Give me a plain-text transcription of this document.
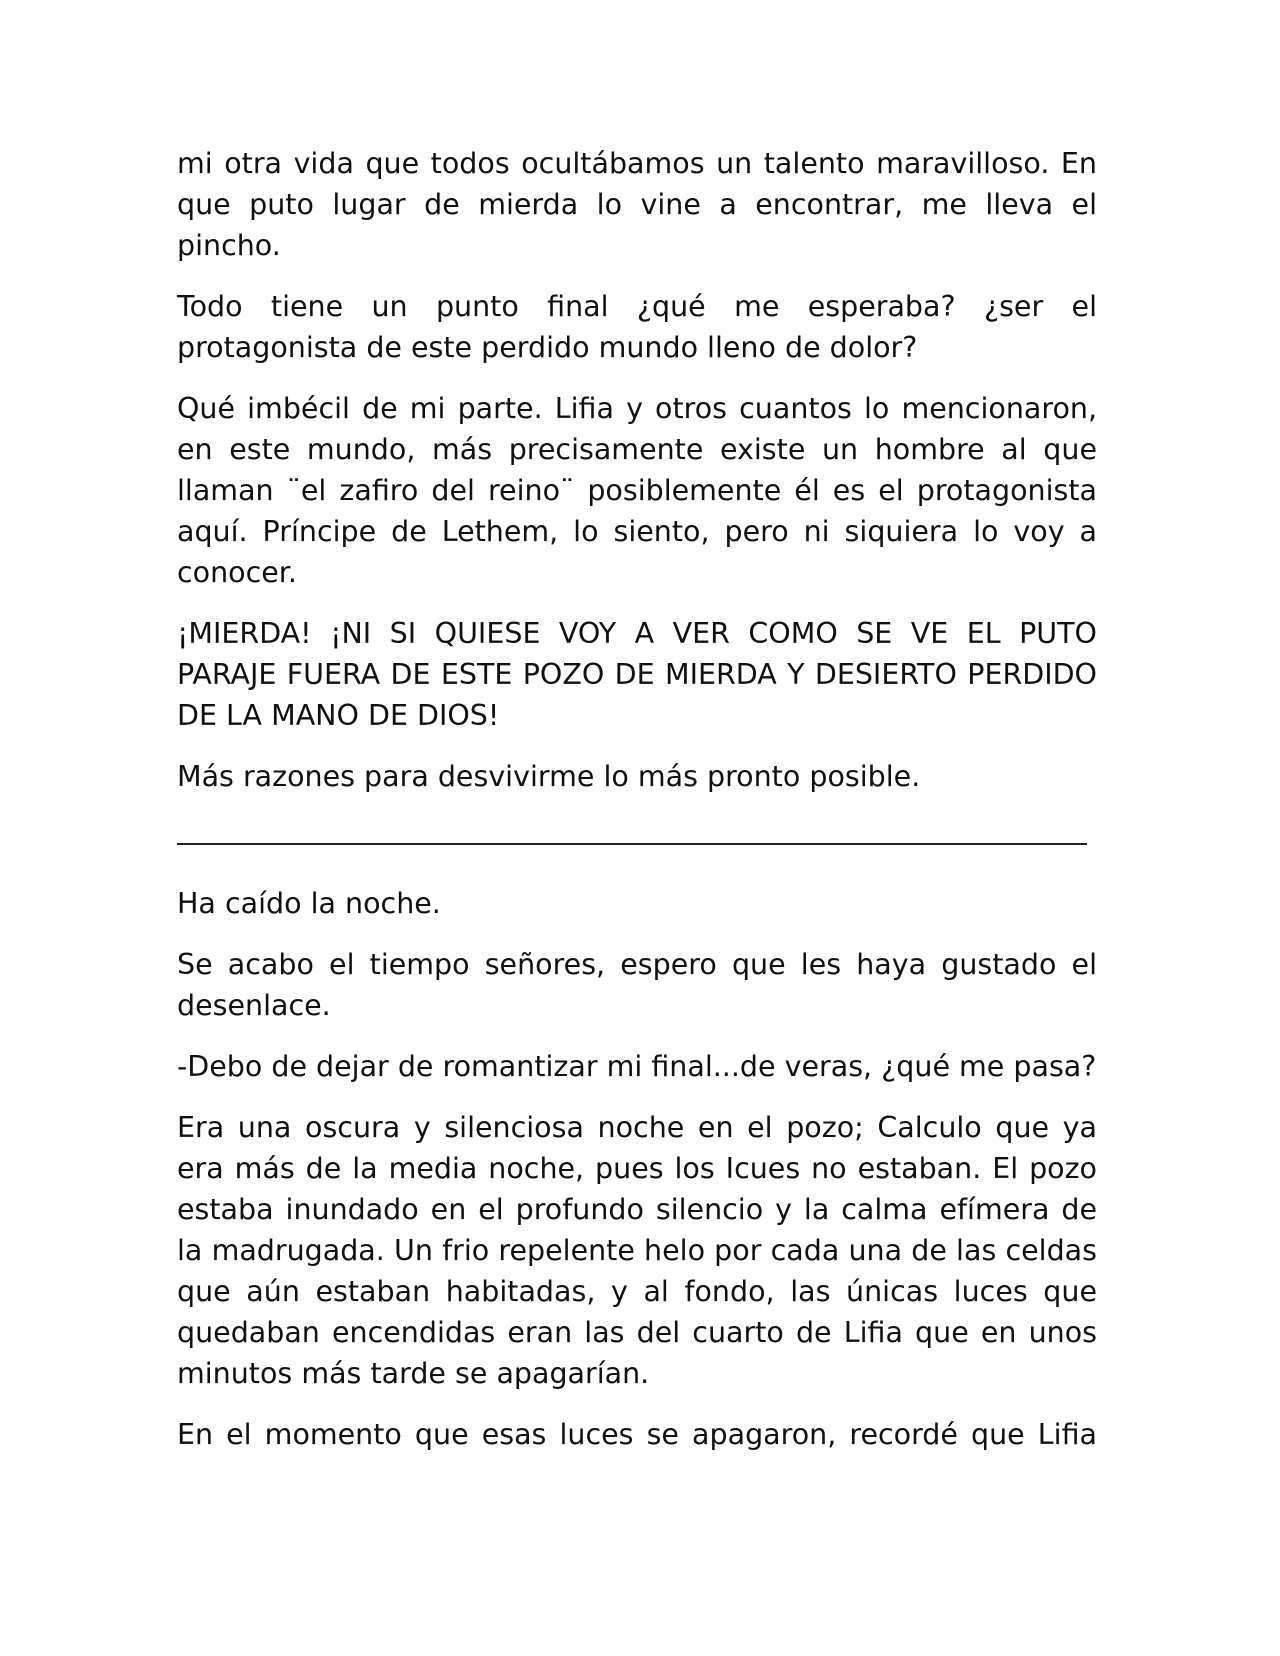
mi otra vida que todos ocultábamos un talento maravilloso. En que puto lugar de mierda lo vine a encontrar, me lleva el pincho.

Todo tiene un punto final ¿qué me esperaba? ¿ser el protagonista de este perdido mundo lleno de dolor?

Qué imbécil de mi parte. Lifia y otros cuantos lo mencionaron, en este mundo, más precisamente existe un hombre al que llaman ¨el zafiro del reino¨ posiblemente él es el protagonista aquí. Príncipe de Lethem, lo siento, pero ni siquiera lo voy a conocer.

¡MIERDA! ¡NI SI QUIESE VOY A VER COMO SE VE EL PUTO PARAJE FUERA DE ESTE POZO DE MIERDA Y DESIERTO PERDIDO DE LA MANO DE DIOS!

Más razones para desvivirme lo más pronto posible.

Ha caído la noche.

Se acabo el tiempo señores, espero que les haya gustado el desenlace.

-Debo de dejar de romantizar mi final...de veras, ¿qué me pasa?

Era una oscura y silenciosa noche en el pozo; Calculo que ya era más de la media noche, pues los Icues no estaban. El pozo estaba inundado en el profundo silencio y la calma efímera de la madrugada. Un frio repelente helo por cada una de las celdas que aún estaban habitadas, y al fondo, las únicas luces que quedaban encendidas eran las del cuarto de Lifia que en unos minutos más tarde se apagarían.

En el momento que esas luces se apagaron, recordé que Lifia
